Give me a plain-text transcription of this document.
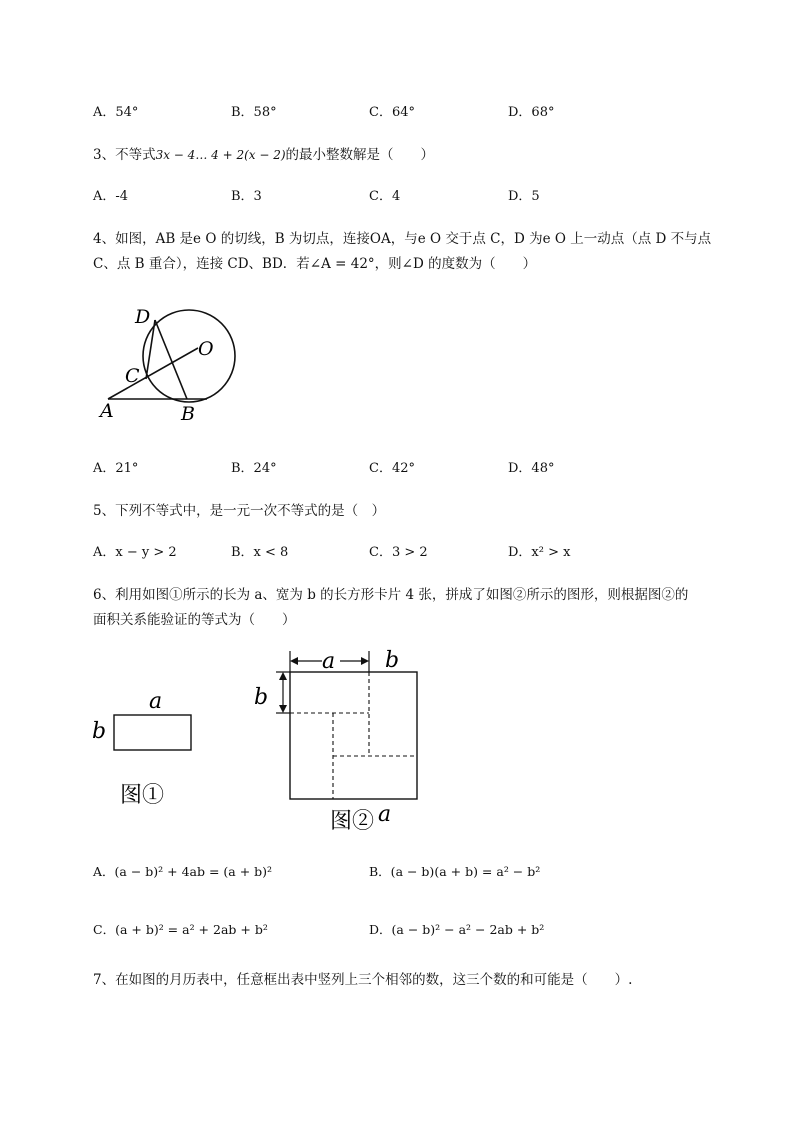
A．54°	B．58°	C．64°	D．68°
3、不等式3x − 4… 4 + 2(x − 2)的最小整数解是（　　）
A．-4	B．3	C．4	D．5
4、如图，AB 是e O 的切线，B 为切点，连接OA，与e O 交于点 C，D 为e O 上一动点（点 D 不与点
C、点 B 重合），连接 CD、BD．若∠A = 42°，则∠D 的度数为（　　）
D
O
C
A	B
A．21°	B．24°	C．42°	D．48°
5、下列不等式中，是一元一次不等式的是（　）
A．x − y > 2	B．x < 8	C．3 > 2	D．x² > x
6、利用如图①所示的长为 a、宽为 b 的长方形卡片 4 张，拼成了如图②所示的图形，则根据图②的
面积关系能验证的等式为（　　）
a
b
图①
a b
b
图② a
A．(a − b)² + 4ab = (a + b)²	B．(a − b)(a + b) = a² − b²
C．(a + b)² = a² + 2ab + b²	D．(a − b)² − a² − 2ab + b²
7、在如图的月历表中，任意框出表中竖列上三个相邻的数，这三个数的和可能是（　　）.
